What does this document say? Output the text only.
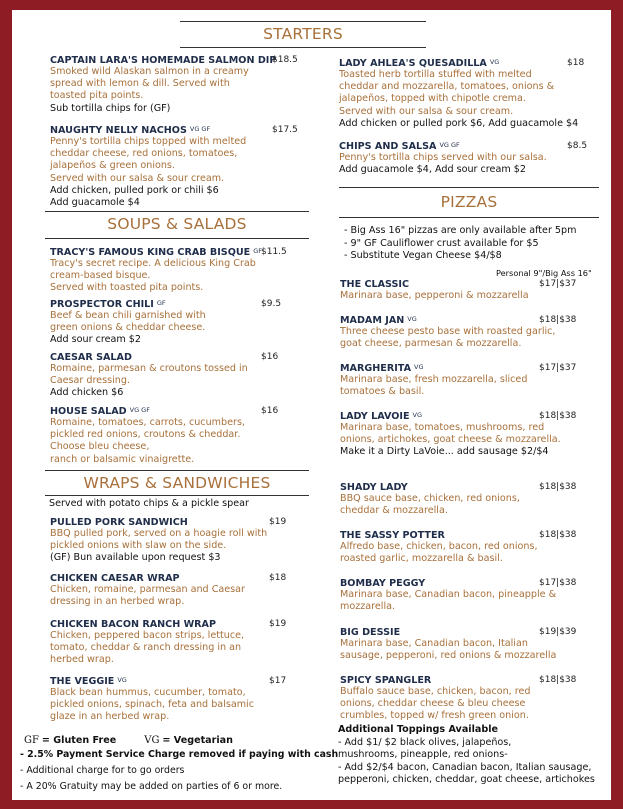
STARTERS
SOUPS & SALADS
WRAPS & SANDWICHES
Served with potato chips & a pickle spear
PIZZAS
- Big Ass 16" pizzas are only available after 5pm
- 9" GF Cauliflower crust available for $5
- Substitute Vegan Cheese $4/$8
Personal 9"/Big Ass 16"
GF = Gluten Free	VG = Vegetarian
- 2.5% Payment Service Charge removed if paying with cash
- Additional charge for to go orders
- A 20% Gratuity may be added on parties of 6 or more.
Additional Toppings Available
- Add $1/ $2 black olives, jalapeños,
mushrooms, pineapple, red onions-
- Add $2/$4 bacon, Canadian bacon, Italian sausage,
pepperoni, chicken, cheddar, goat cheese, artichokes
CAPTAIN LARA'S HOMEMADE SALMON DIP
$18.5
Smoked wild Alaskan salmon in a creamy
spread with lemon & dill. Served with
toasted pita points.
Sub tortilla chips for (GF)
NAUGHTY NELLY NACHOS $^{VG GF}$	$17.5
Penny's tortilla chips topped with melted
cheddar cheese, red onions, tomatoes,
jalapeños & green onions.
Served with our salsa & sour cream.
Add chicken, pulled pork or chili $6
Add guacamole $4
LADY AHLEA'S QUESADILLA $^{VG}$	$18
Toasted herb tortilla stuffed with melted
cheddar and mozzarella, tomatoes, onions &
jalapeños, topped with chipotle crema.
Served with our salsa & sour cream.
Add chicken or pulled pork $6, Add guacamole $4
CHIPS AND SALSA $^{VG GF}$	$8.5
Penny's tortilla chips served with our salsa.
Add guacamole $4, Add sour cream $2
TRACY'S FAMOUS KING CRAB BISQUE $^{GF}$ $11.5
Tracy's secret recipe. A delicious King Crab
cream-based bisque.
Served with toasted pita points.
PROSPECTOR CHILI $^{GF}$	$9.5
Beef & bean chili garnished with
green onions & cheddar cheese.
Add sour cream $2
CAESAR SALAD	$16
Romaine, parmesan & croutons tossed in
Caesar dressing.
Add chicken $6
HOUSE SALAD $^{VG GF}$	$16
Romaine, tomatoes, carrots, cucumbers,
pickled red onions, croutons & cheddar.
Choose bleu cheese,
ranch or balsamic vinaigrette.
PULLED PORK SANDWICH	$19
BBQ pulled pork, served on a hoagie roll with
pickled onions with slaw on the side.
(GF) Bun available upon request $3
CHICKEN CAESAR WRAP	$18
Chicken, romaine, parmesan and Caesar
dressing in an herbed wrap.
CHICKEN BACON RANCH WRAP	$19
Chicken, peppered bacon strips, lettuce,
tomato, cheddar & ranch dressing in an
herbed wrap.
THE VEGGIE $^{VG}$	$17
Black bean hummus, cucumber, tomato,
pickled onions, spinach, feta and balsamic
glaze in an herbed wrap.
THE CLASSIC	$17|$37
Marinara base, pepperoni & mozzarella
MADAM JAN $^{VG}$	$18|$38
Three cheese pesto base with roasted garlic,
goat cheese, parmesan & mozzarella.
MARGHERITA $^{VG}$	$17|$37
Marinara base, fresh mozzarella, sliced
tomatoes & basil.
LADY LAVOIE $^{VG}$	$18|$38
Marinara base, tomatoes, mushrooms, red
onions, artichokes, goat cheese & mozzarella.
Make it a Dirty LaVoie... add sausage $2/$4
SHADY LADY	$18|$38
BBQ sauce base, chicken, red onions,
cheddar & mozzarella.
THE SASSY POTTER	$18|$38
Alfredo base, chicken, bacon, red onions,
roasted garlic, mozzarella & basil.
BOMBAY PEGGY	$17|$38
Marinara base, Canadian bacon, pineapple &
mozzarella.
BIG DESSIE	$19|$39
Marinara base, Canadian bacon, Italian
sausage, pepperoni, red onions & mozzarella
SPICY SPANGLER	$18|$38
Buffalo sauce base, chicken, bacon, red
onions, cheddar cheese & bleu cheese
crumbles, topped w/ fresh green onion.
